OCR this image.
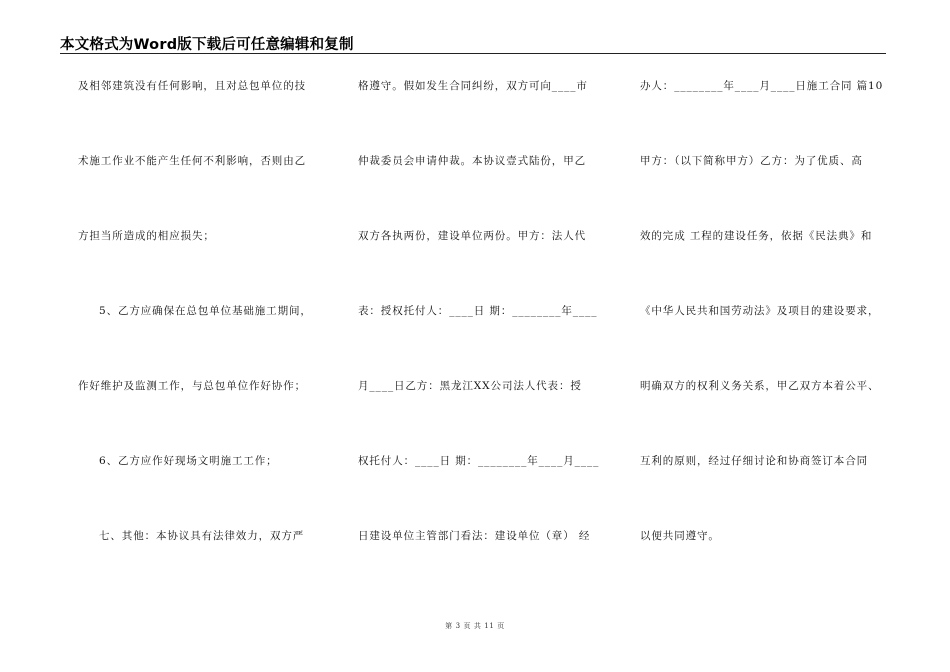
本文格式为Word版下载后可任意编辑和复制
及相邻建筑没有任何影响，且对总包单位的技
术施工作业不能产生任何不利影响，否则由乙
方担当所造成的相应损失；
5、乙方应确保在总包单位基础施工期间，
作好维护及监测工作，与总包单位作好协作；
6、乙方应作好现场文明施工工作；
七、其他：本协议具有法律效力，双方严
格遵守。假如发生合同纠纷，双方可向____市
仲裁委员会申请仲裁。本协议壹式陆份，甲乙
双方各执两份，建设单位两份。甲方：法人代
表：授权托付人：____日 期：________年____
月____日乙方：黑龙江XX公司法人代表：授
权托付人：____日 期：________年____月____
日建设单位主管部门看法：建设单位（章） 经
办人：________年____月____日施工合同 篇10
甲方：（以下简称甲方）乙方：为了优质、高
效的完成 工程的建设任务，依据《民法典》和
《中华人民共和国劳动法》及项目的建设要求，
明确双方的权利义务关系，甲乙双方本着公平、
互利的原则，经过仔细讨论和协商签订本合同
以便共同遵守。
第 3 页 共 11 页
